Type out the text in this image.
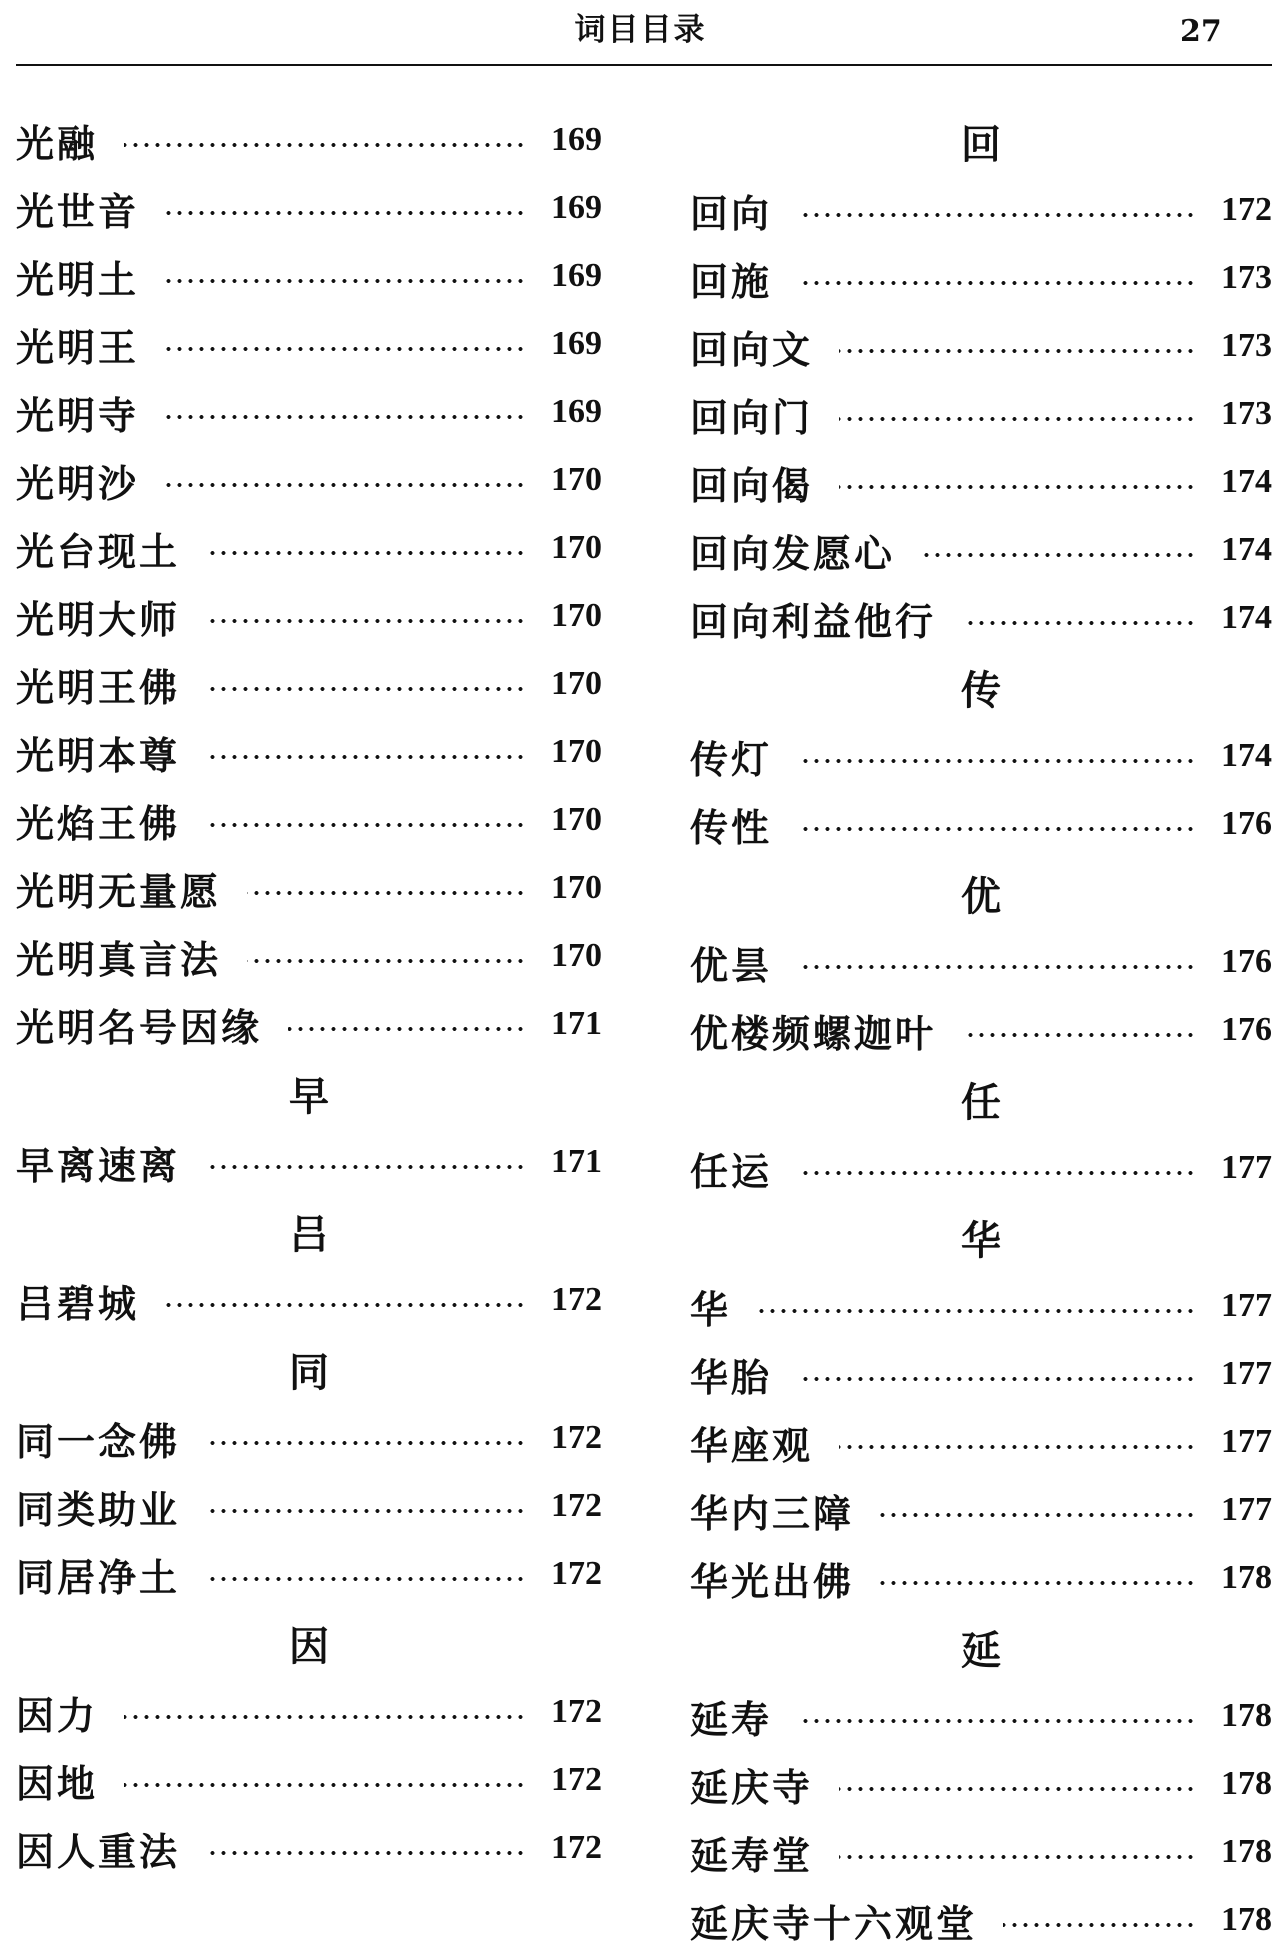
词目目录	27
光融	169
光世音	169
光明土	169
光明王	169
光明寺	169
光明沙	170
光台现土	170
光明大师	170
光明王佛	170
光明本尊	170
光焰王佛	170
光明无量愿	170
光明真言法	170
光明名号因缘	171
早
早离速离	171
吕
吕碧城	172
同
同一念佛	172
同类助业	172
同居净土	172
因
因力	172
因地	172
因人重法	172
回
回向	172
回施	173
回向文	173
回向门	173
回向偈	174
回向发愿心	174
回向利益他行	174
传
传灯	174
传性	176
优
优昙	176
优楼频螺迦叶	176
任
任运	177
华
华	177
华胎	177
华座观	177
华内三障	177
华光出佛	178
延
延寿	178
延庆寺	178
延寿堂	178
延庆寺十六观堂	178
